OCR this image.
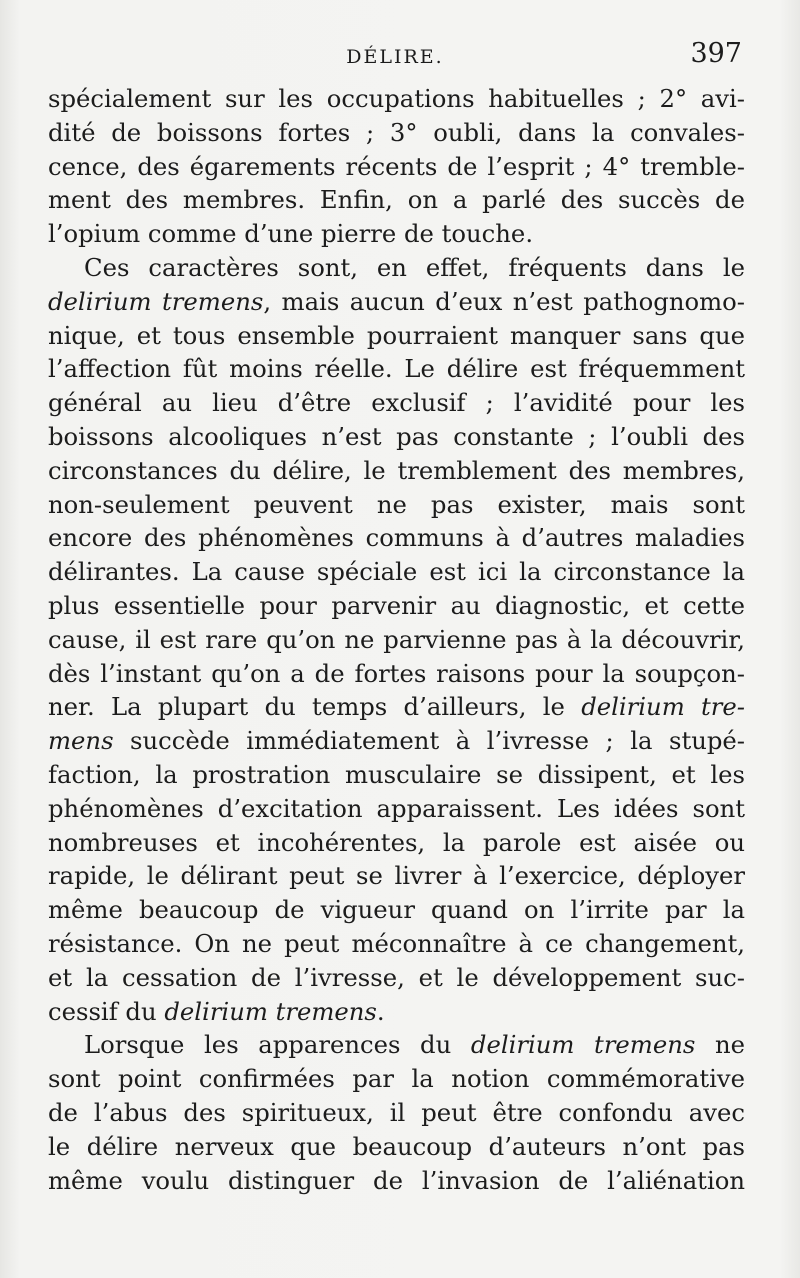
DÉLIRE.	397
spécialement sur les occupations habituelles ; 2° avi-
dité de boissons fortes ; 3° oubli, dans la convales-
cence, des égarements récents de l’esprit ; 4° tremble-
ment des membres. Enfin, on a parlé des succès de
l’opium comme d’une pierre de touche.
Ces caractères sont, en effet, fréquents dans le
delirium tremens, mais aucun d’eux n’est pathognomo-
nique, et tous ensemble pourraient manquer sans que
l’affection fût moins réelle. Le délire est fréquemment
général au lieu d’être exclusif ; l’avidité pour les
boissons alcooliques n’est pas constante ; l’oubli des
circonstances du délire, le tremblement des membres,
non-seulement peuvent ne pas exister, mais sont
encore des phénomènes communs à d’autres maladies
délirantes. La cause spéciale est ici la circonstance la
plus essentielle pour parvenir au diagnostic, et cette
cause, il est rare qu’on ne parvienne pas à la découvrir,
dès l’instant qu’on a de fortes raisons pour la soupçon-
ner. La plupart du temps d’ailleurs, le delirium tre-
mens succède immédiatement à l’ivresse ; la stupé-
faction, la prostration musculaire se dissipent, et les
phénomènes d’excitation apparaissent. Les idées sont
nombreuses et incohérentes, la parole est aisée ou
rapide, le délirant peut se livrer à l’exercice, déployer
même beaucoup de vigueur quand on l’irrite par la
résistance. On ne peut méconnaître à ce changement,
et la cessation de l’ivresse, et le développement suc-
cessif du delirium tremens.
Lorsque les apparences du delirium tremens ne
sont point confirmées par la notion commémorative
de l’abus des spiritueux, il peut être confondu avec
le délire nerveux que beaucoup d’auteurs n’ont pas
même voulu distinguer de l’invasion de l’aliénation
